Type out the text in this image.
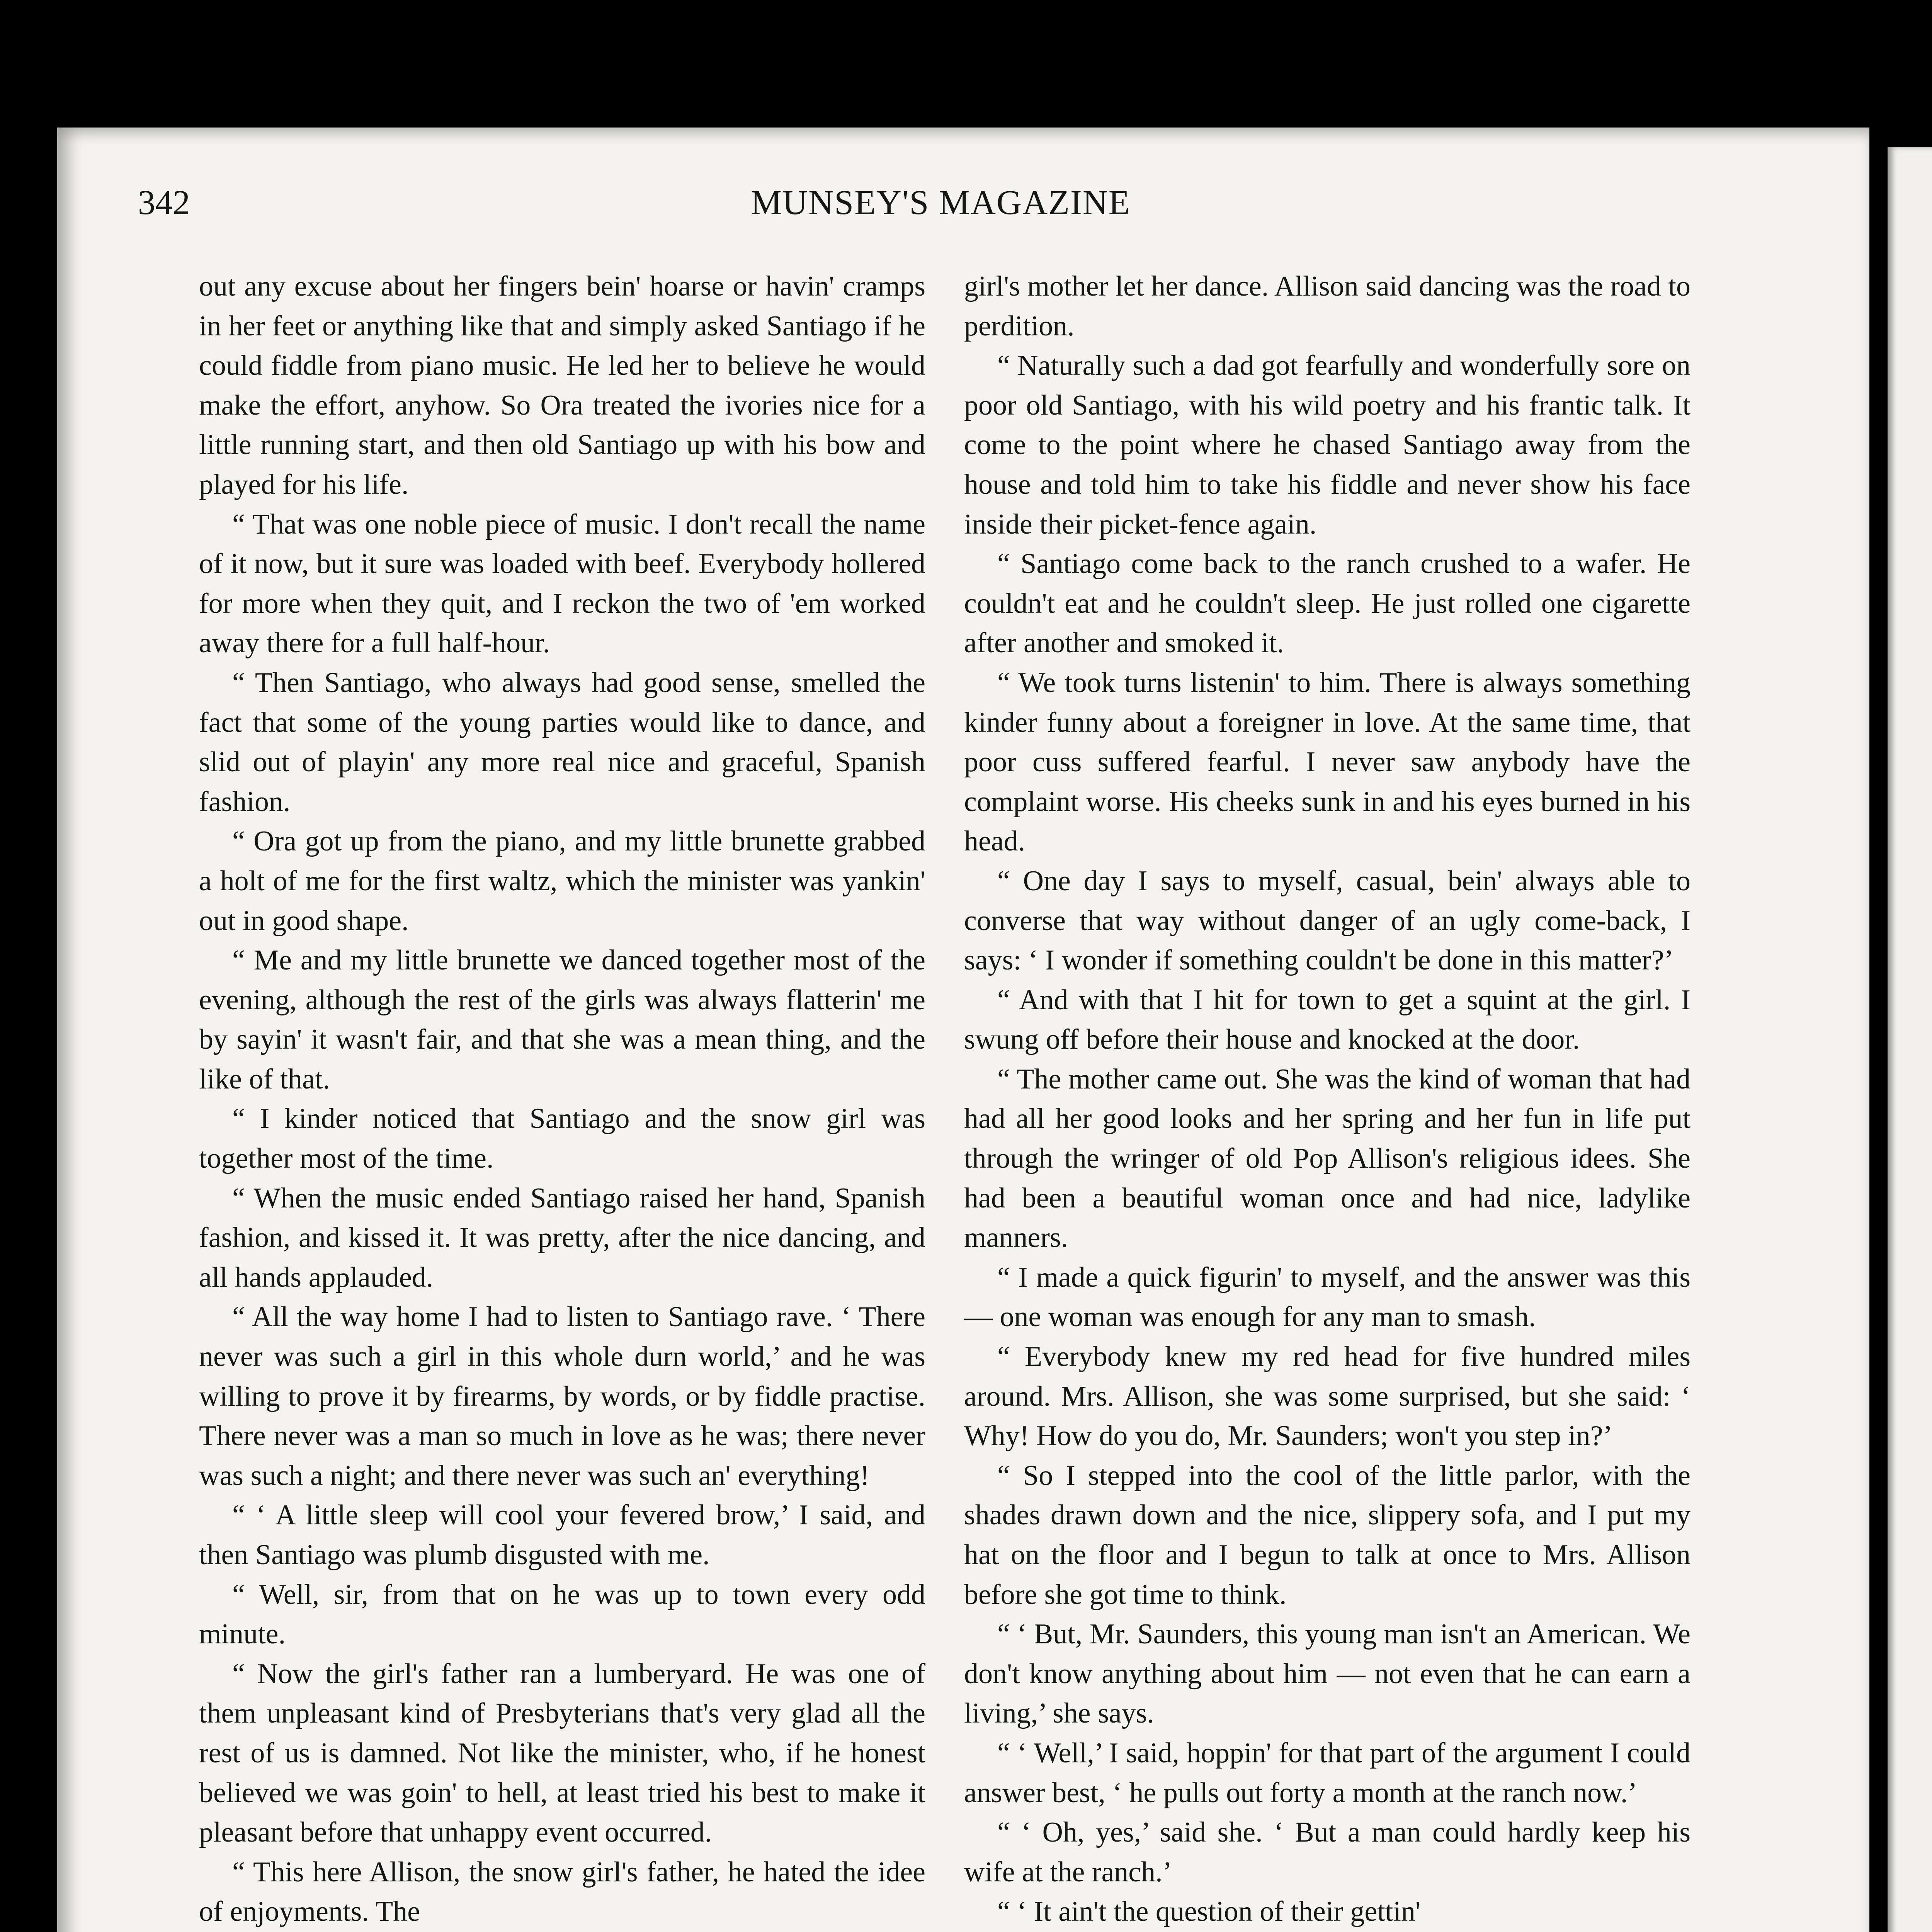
342	MUNSEY'S MAGAZINE

out any excuse about her fingers bein' hoarse or havin' cramps in her feet or anything like that and simply asked Santiago if he could fiddle from piano music. He led her to believe he would make the effort, anyhow. So Ora treated the ivories nice for a little running start, and then old Santiago up with his bow and played for his life.

“ That was one noble piece of music. I don't recall the name of it now, but it sure was loaded with beef. Everybody hollered for more when they quit, and I reckon the two of 'em worked away there for a full half-hour.

“ Then Santiago, who always had good sense, smelled the fact that some of the young parties would like to dance, and slid out of playin' any more real nice and graceful, Spanish fashion.

“ Ora got up from the piano, and my little brunette grabbed a holt of me for the first waltz, which the minister was yankin' out in good shape.

“ Me and my little brunette we danced together most of the evening, although the rest of the girls was always flatterin' me by sayin' it wasn't fair, and that she was a mean thing, and the like of that.

“ I kinder noticed that Santiago and the snow girl was together most of the time.

“ When the music ended Santiago raised her hand, Spanish fashion, and kissed it. It was pretty, after the nice dancing, and all hands applauded.

“ All the way home I had to listen to Santiago rave. ‘ There never was such a girl in this whole durn world,’ and he was willing to prove it by firearms, by words, or by fiddle practise. There never was a man so much in love as he was; there never was such a night; and there never was such an' everything!

“ ‘ A little sleep will cool your fevered brow,’ I said, and then Santiago was plumb disgusted with me.

“ Well, sir, from that on he was up to town every odd minute.

“ Now the girl's father ran a lumberyard. He was one of them unpleasant kind of Presbyterians that's very glad all the rest of us is damned. Not like the minister, who, if he honest believed we was goin' to hell, at least tried his best to make it pleasant before that unhappy event occurred.

“ This here Allison, the snow girl's father, he hated the idee of enjoyments. The

girl's mother let her dance. Allison said dancing was the road to perdition.

“ Naturally such a dad got fearfully and wonderfully sore on poor old Santiago, with his wild poetry and his frantic talk. It come to the point where he chased Santiago away from the house and told him to take his fiddle and never show his face inside their picket-fence again.

“ Santiago come back to the ranch crushed to a wafer. He couldn't eat and he couldn't sleep. He just rolled one cigarette after another and smoked it.

“ We took turns listenin' to him. There is always something kinder funny about a foreigner in love. At the same time, that poor cuss suffered fearful. I never saw anybody have the complaint worse. His cheeks sunk in and his eyes burned in his head.

“ One day I says to myself, casual, bein' always able to converse that way without danger of an ugly come-back, I says: ‘ I wonder if something couldn't be done in this matter?’

“ And with that I hit for town to get a squint at the girl. I swung off before their house and knocked at the door.

“ The mother came out. She was the kind of woman that had had all her good looks and her spring and her fun in life put through the wringer of old Pop Allison's religious idees. She had been a beautiful woman once and had nice, ladylike manners.

“ I made a quick figurin' to myself, and the answer was this — one woman was enough for any man to smash.

“ Everybody knew my red head for five hundred miles around. Mrs. Allison, she was some surprised, but she said: ‘ Why! How do you do, Mr. Saunders; won't you step in?’

“ So I stepped into the cool of the little parlor, with the shades drawn down and the nice, slippery sofa, and I put my hat on the floor and I begun to talk at once to Mrs. Allison before she got time to think.

“ ‘ But, Mr. Saunders, this young man isn't an American. We don't know anything about him — not even that he can earn a living,’ she says.

“ ‘ Well,’ I said, hoppin' for that part of the argument I could answer best, ‘ he pulls out forty a month at the ranch now.’

“ ‘ Oh, yes,’ said she. ‘ But a man could hardly keep his wife at the ranch.’

“ ‘ It ain't the question of their gettin'
